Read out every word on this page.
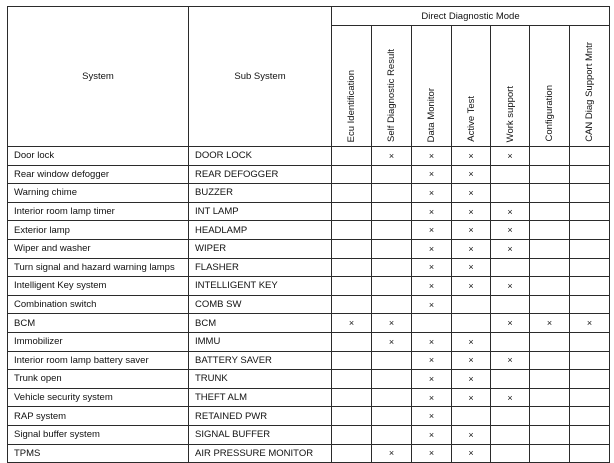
System	Sub System	Direct Diagnostic Mode						

		Ecu Identification	Self Diagnostic Result	Data Monitor	Active Test	Work support	Configuration	CAN Diag Support Mntr

Door lock	DOOR LOCK		×	×	×	×		
Rear window defogger	REAR DEFOGGER			×	×			
Warning chime	BUZZER			×	×			
Interior room lamp timer	INT LAMP			×	×	×		
Exterior lamp	HEADLAMP			×	×	×		
Wiper and washer	WIPER			×	×	×		
Turn signal and hazard warning lamps	FLASHER			×	×			
Intelligent Key system	INTELLIGENT KEY			×	×	×		
Combination switch	COMB SW			×				
BCM	BCM	×	×			×	×	×
Immobilizer	IMMU		×	×	×			
Interior room lamp battery saver	BATTERY SAVER			×	×	×		
Trunk open	TRUNK			×	×			
Vehicle security system	THEFT ALM			×	×	×		
RAP system	RETAINED PWR			×				
Signal buffer system	SIGNAL BUFFER			×	×			
TPMS	AIR PRESSURE MONITOR		×	×	×			
